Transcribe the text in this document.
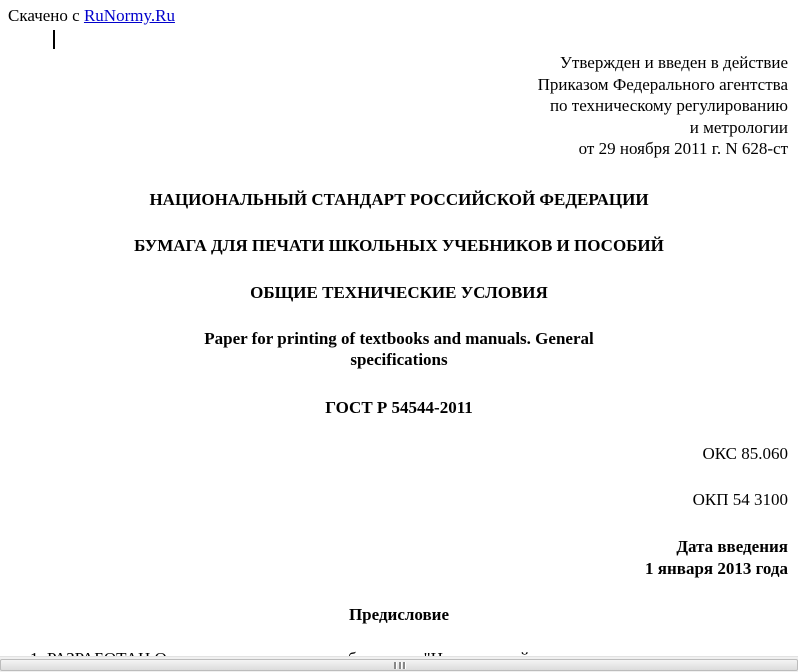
Скачено с RuNormy.Ru
Утвержден и введен в действие
Приказом Федерального агентства
по техническому регулированию
и метрологии
от 29 ноября 2011 г. N 628-ст
НАЦИОНАЛЬНЫЙ СТАНДАРТ РОССИЙСКОЙ ФЕДЕРАЦИИ
БУМАГА ДЛЯ ПЕЧАТИ ШКОЛЬНЫХ УЧЕБНИКОВ И ПОСОБИЙ
ОБЩИЕ ТЕХНИЧЕСКИЕ УСЛОВИЯ
Paper for printing of textbooks and manuals. General
specifications
ГОСТ Р 54544-2011
ОКС 85.060
ОКП 54 3100
Дата введения
1 января 2013 года
Предисловие
